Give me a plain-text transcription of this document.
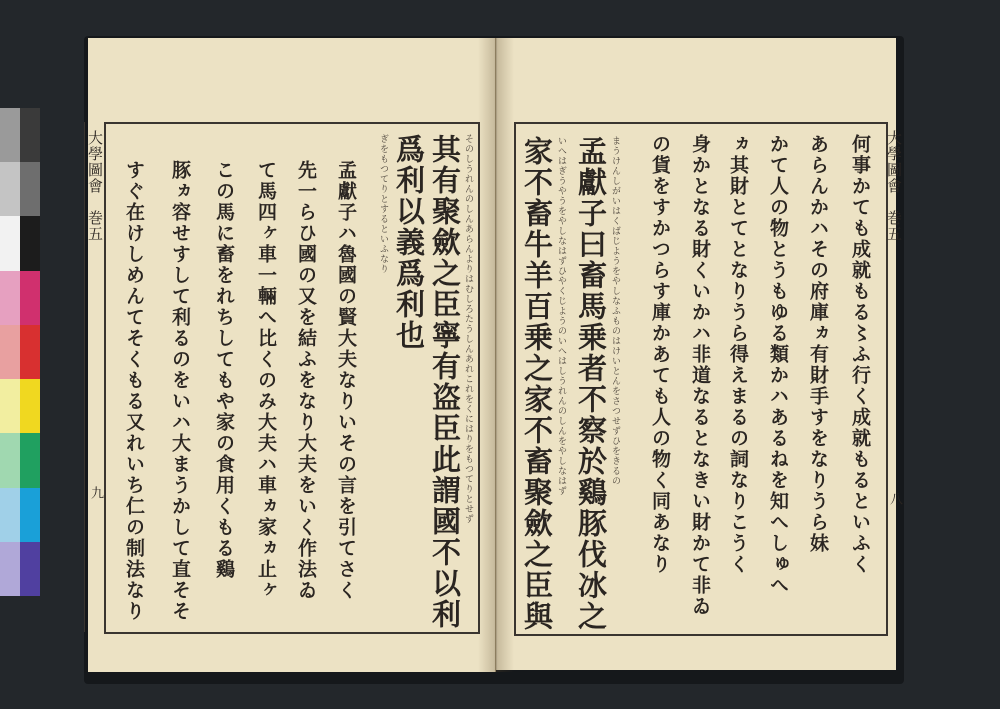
大學圖會
巻五
九	其有聚歛之臣寧有盗臣此謂國不以利 そのしうれんのしんあらんよりはむしろたうしんあれこれをくにはりをもつてりとせず
爲利以義爲利也
ぎをもつてりとするといふなり
孟獻子ハ魯國の賢大夫なりいその言を引てさく
先一らひ國の又を結ふをなり大夫をいく作法ゐ
て馬四ヶ車一輛へ比くのみ大夫ハ車ヵ家ヵ止ヶ
この馬に畜をれちしてもや家の食用くもる鷄
豚ヵ容せすして利るのをいハ大まうかして直そそ
すぐ在けしめんてそくもる又れいち仁の制法なり	大學圖會
巻五
八
何事かても成就もる〻ふ行く成就もるといふく
あらんかハその府庫ヵ有財手すをなりうら妹
かて人の物とうもゆる類かハあるねを知へしゅへ
ヵ其財とてとなりうら得えまるの詞なりこうく
身かとなる財くいかハ非道なるとなきい財かて非ゐ
の貨をすかつらす庫かあても人の物く同あなり
孟獻子曰畜馬乗者不察於鷄豚伐冰之 まうけんしがいはくばじようをやしなふものはけいとんをさつせずひをきるの
家不畜牛羊百乗之家不畜聚歛之臣與 いへはぎうやうをやしなはずひやくじようのいへはしうれんのしんをやしなはず
